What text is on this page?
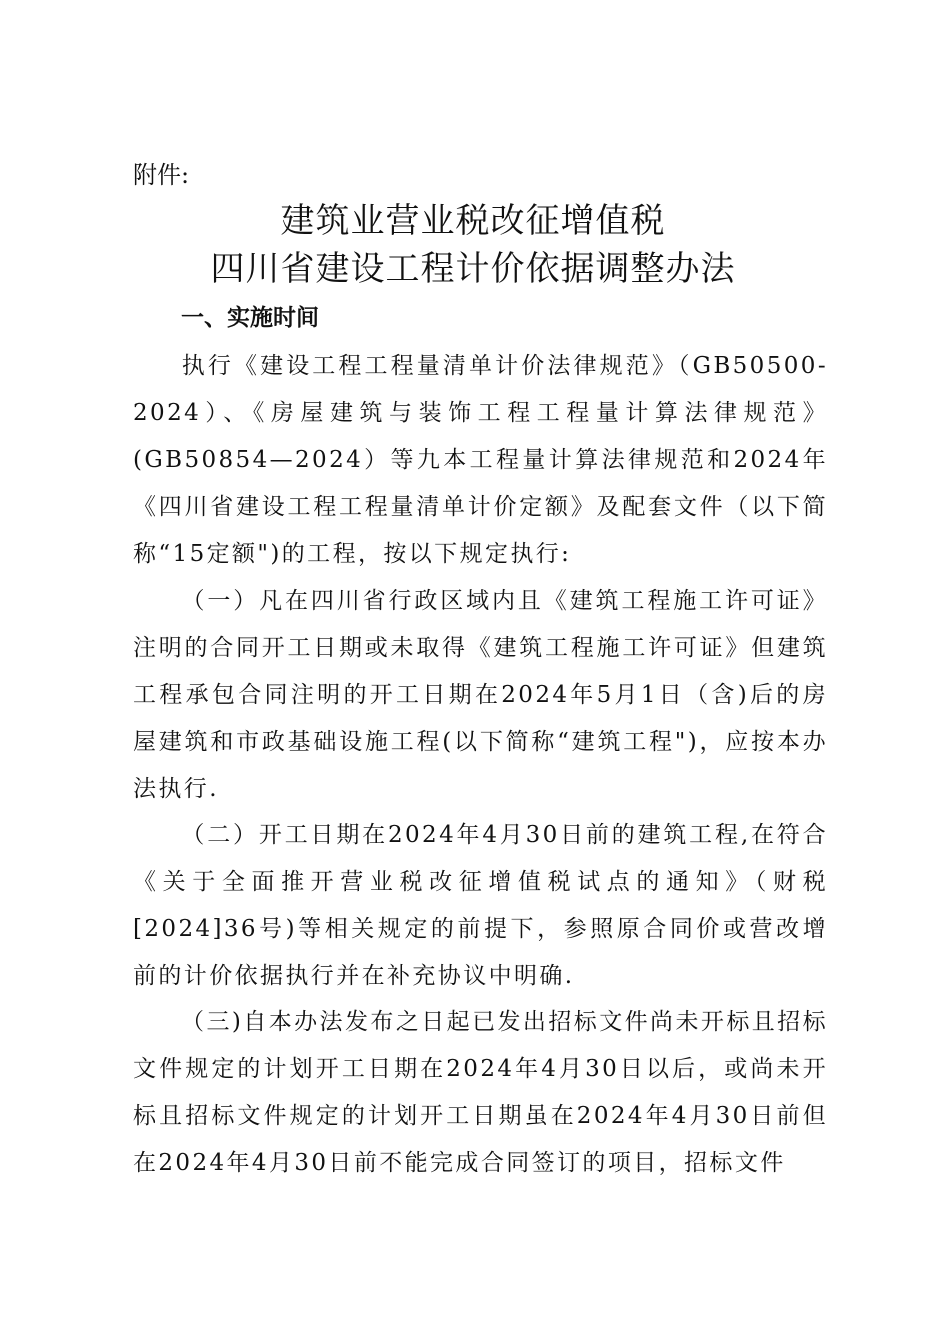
附件:
建筑业营业税改征增值税
四川省建设工程计价依据调整办法
一、实施时间

执行《建设工程工程量清单计价法律规范》（GB50500-2024）、《房屋建筑与装饰工程工程量计算法律规范》(GB50854—2024）等九本工程量计算法律规范和2024年《四川省建设工程工程量清单计价定额》及配套文件（以下简称“15定额")的工程，按以下规定执行:

（一）凡在四川省行政区域内且《建筑工程施工许可证》注明的合同开工日期或未取得《建筑工程施工许可证》但建筑工程承包合同注明的开工日期在2024年5月1日（含)后的房屋建筑和市政基础设施工程(以下简称“建筑工程")，应按本办法执行.

（二）开工日期在2024年4月30日前的建筑工程,在符合《关于全面推开营业税改征增值税试点的通知》（财税[2024]36号)等相关规定的前提下，参照原合同价或营改增前的计价依据执行并在补充协议中明确.

（三)自本办法发布之日起已发出招标文件尚未开标且招标文件规定的计划开工日期在2024年4月30日以后，或尚未开标且招标文件规定的计划开工日期虽在2024年4月30日前但在2024年4月30日前不能完成合同签订的项目，招标文件
